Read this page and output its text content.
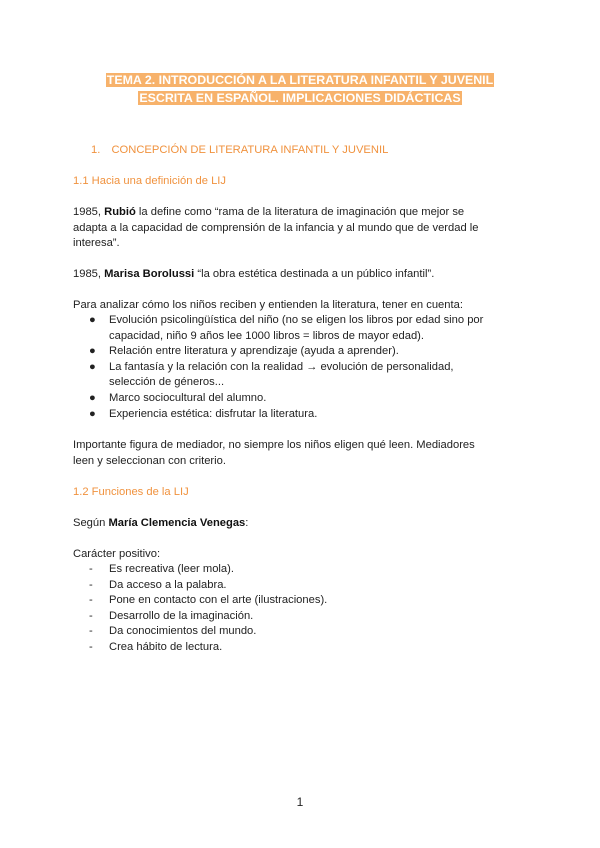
TEMA 2. INTRODUCCIÓN A LA LITERATURA INFANTIL Y JUVENIL
ESCRITA EN ESPAÑOL. IMPLICACIONES DIDÁCTICAS
1. CONCEPCIÓN DE LITERATURA INFANTIL Y JUVENIL
1.1 Hacia una definición de LIJ
1985, Rubió la define como “rama de la literatura de imaginación que mejor se
adapta a la capacidad de comprensión de la infancia y al mundo que de verdad le
interesa”.
1985, Marisa Borolussi “la obra estética destinada a un público infantil”.
Para analizar cómo los niños reciben y entienden la literatura, tener en cuenta:
● Evolución psicolingüística del niño (no se eligen los libros por edad sino por
capacidad, niño 9 años lee 1000 libros = libros de mayor edad).
● Relación entre literatura y aprendizaje (ayuda a aprender).
● La fantasía y la relación con la realidad → evolución de personalidad,
selección de géneros...
● Marco sociocultural del alumno.
● Experiencia estética: disfrutar la literatura.
Importante figura de mediador, no siempre los niños eligen qué leen. Mediadores
leen y seleccionan con criterio.
1.2 Funciones de la LIJ
Según María Clemencia Venegas:
Carácter positivo:
- Es recreativa (leer mola).
- Da acceso a la palabra.
- Pone en contacto con el arte (ilustraciones).
- Desarrollo de la imaginación.
- Da conocimientos del mundo.
- Crea hábito de lectura.
1
